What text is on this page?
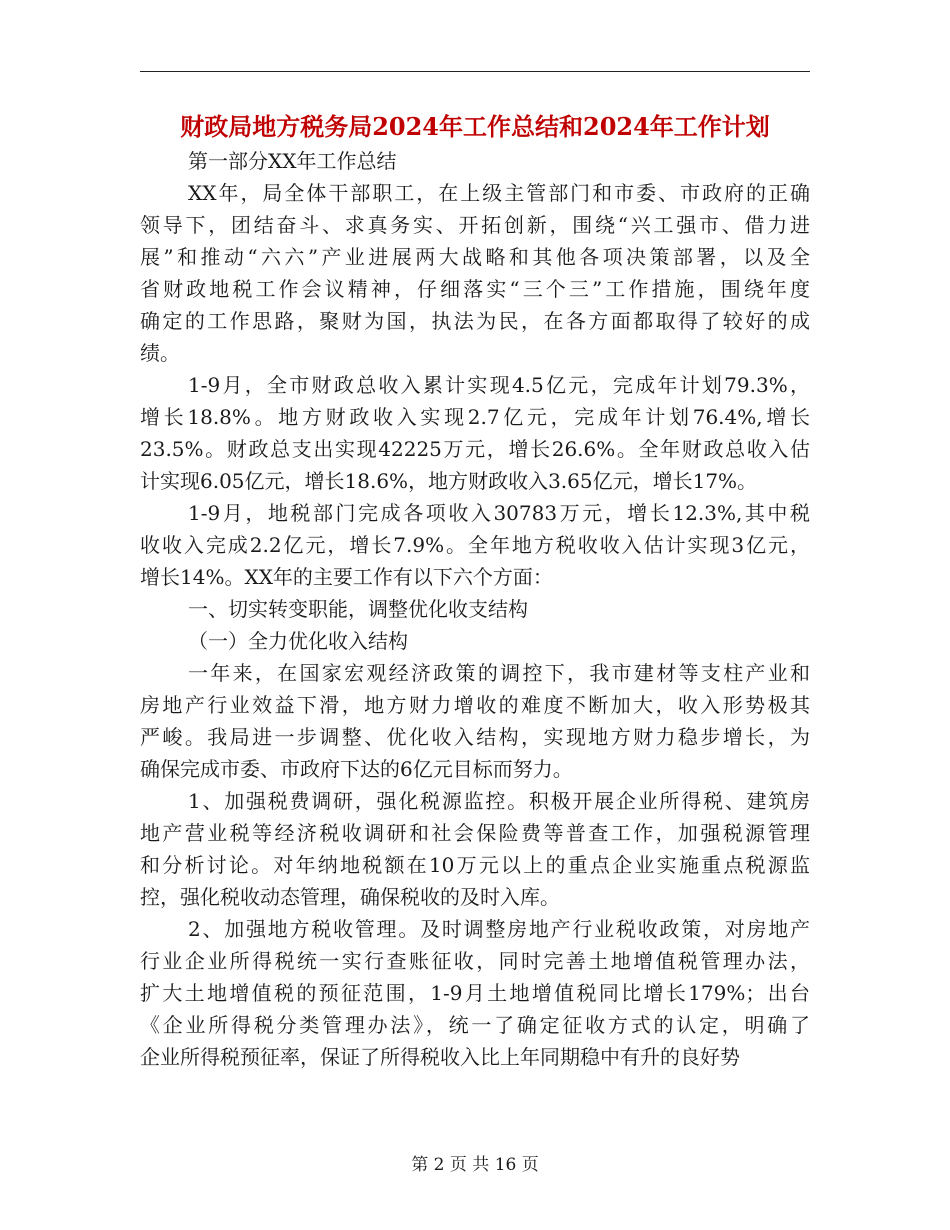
财政局地方税务局2024年工作总结和2024年工作计划

第一部分XX年工作总结

XX年，局全体干部职工，在上级主管部门和市委、市政府的正确
领导下，团结奋斗、求真务实、开拓创新，围绕“兴工强市、借力进
展”和推动“六六”产业进展两大战略和其他各项决策部署，以及全
省财政地税工作会议精神，仔细落实“三个三”工作措施，围绕年度
确定的工作思路，聚财为国，执法为民，在各方面都取得了较好的成
绩。

1-9月，全市财政总收入累计实现4.5亿元，完成年计划79.3%，
增长18.8%。地方财政收入实现2.7亿元，完成年计划76.4%,增长
23.5%。财政总支出实现42225万元，增长26.6%。全年财政总收入估
计实现6.05亿元，增长18.6%，地方财政收入3.65亿元，增长17%。

1-9月，地税部门完成各项收入30783万元，增长12.3%,其中税
收收入完成2.2亿元，增长7.9%。全年地方税收收入估计实现3亿元，
增长14%。XX年的主要工作有以下六个方面：

一、切实转变职能，调整优化收支结构

（一）全力优化收入结构

一年来，在国家宏观经济政策的调控下，我市建材等支柱产业和
房地产行业效益下滑，地方财力增收的难度不断加大，收入形势极其
严峻。我局进一步调整、优化收入结构，实现地方财力稳步增长，为
确保完成市委、市政府下达的6亿元目标而努力。

1、加强税费调研，强化税源监控。积极开展企业所得税、建筑房
地产营业税等经济税收调研和社会保险费等普查工作，加强税源管理
和分析讨论。对年纳地税额在10万元以上的重点企业实施重点税源监
控，强化税收动态管理，确保税收的及时入库。

2、加强地方税收管理。及时调整房地产行业税收政策，对房地产
行业企业所得税统一实行查账征收，同时完善土地增值税管理办法，
扩大土地增值税的预征范围，1-9月土地增值税同比增长179%；出台
《企业所得税分类管理办法》，统一了确定征收方式的认定，明确了
企业所得税预征率，保证了所得税收入比上年同期稳中有升的良好势

第 2 页 共 16 页
